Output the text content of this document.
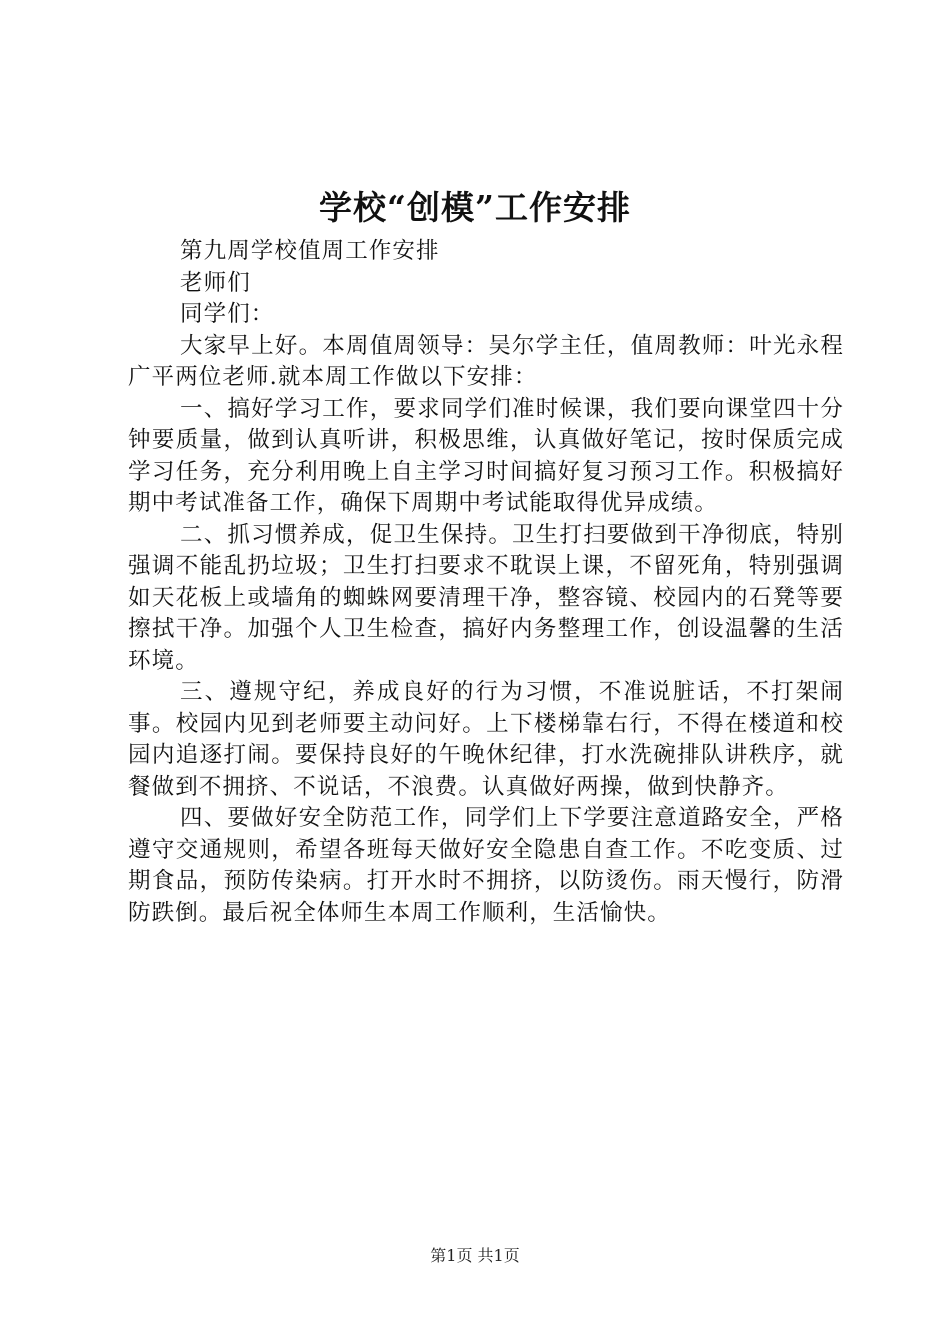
学校“创模”工作安排

第九周学校值周工作安排

老师们

同学们：

大家早上好。本周值周领导：吴尔学主任，值周教师：叶光永程广平两位老师.就本周工作做以下安排：

一、搞好学习工作，要求同学们准时候课，我们要向课堂四十分钟要质量，做到认真听讲，积极思维，认真做好笔记，按时保质完成学习任务，充分利用晚上自主学习时间搞好复习预习工作。积极搞好期中考试准备工作，确保下周期中考试能取得优异成绩。

二、抓习惯养成，促卫生保持。卫生打扫要做到干净彻底，特别强调不能乱扔垃圾；卫生打扫要求不耽误上课，不留死角，特别强调如天花板上或墙角的蜘蛛网要清理干净，整容镜、校园内的石凳等要擦拭干净。加强个人卫生检查，搞好内务整理工作，创设温馨的生活环境。

三、遵规守纪，养成良好的行为习惯，不准说脏话，不打架闹事。校园内见到老师要主动问好。上下楼梯靠右行，不得在楼道和校园内追逐打闹。要保持良好的午晚休纪律，打水洗碗排队讲秩序，就餐做到不拥挤、不说话，不浪费。认真做好两操，做到快静齐。

四、要做好安全防范工作，同学们上下学要注意道路安全，严格遵守交通规则，希望各班每天做好安全隐患自查工作。不吃变质、过期食品，预防传染病。打开水时不拥挤，以防烫伤。雨天慢行，防滑防跌倒。最后祝全体师生本周工作顺利，生活愉快。

第1页 共1页
